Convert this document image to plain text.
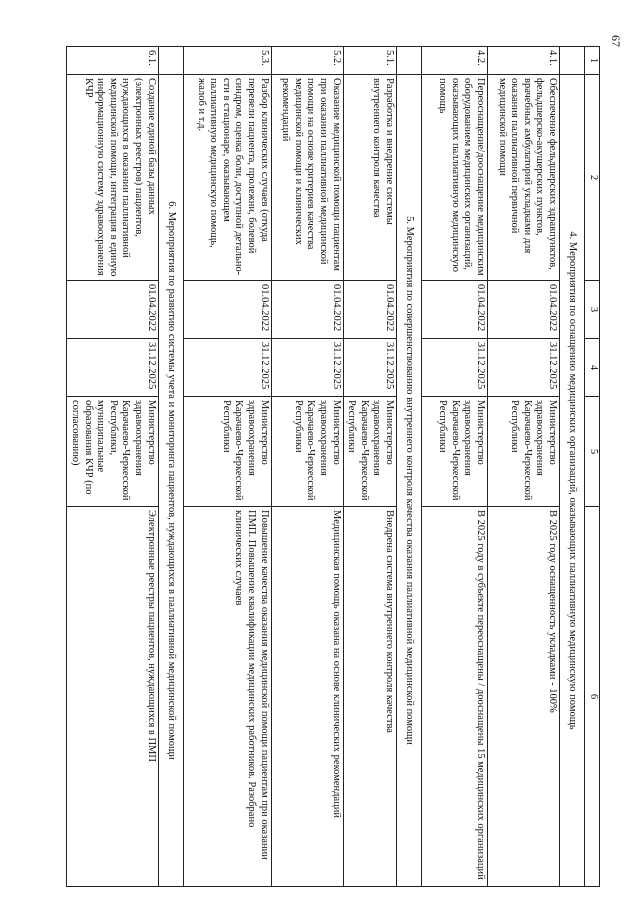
67
1	2	3	4	5	6
	4. Мероприятия по оснащению медицинских организаций, оказывающих паллиативную медицинскую помощь				
4.1.	Обеспечение фельдшерских здравпунктов, фельдшерско-акушерских пунктов, врачебных амбулаторий укладками для оказания паллиативной первичной медицинской помощи	01.04.2022	31.12.2025	Министерство здравоохранения Карачаево-Черкесской Республики	В 2025 году оснащенность укладками - 100%
4.2.	Переоснащение/дооснащение медицинским оборудованием медицинских организаций, оказывающих паллиативную медицинскую помощь	01.04.2022	31.12.2025	Министерство здравоохранения Карачаево-Черкесской Республики	В 2025 году в субъекте переоснащены / дооснащены 15 медицинских организаций
	5. Мероприятия по совершенствованию внутреннего контроля качества оказания паллиативной медицинской помощи				
5.1.	Разработка и внедрение системы внутреннего контроля качества	01.04.2022	31.12.2025	Министерство здравоохранения Карачаево-Черкесской Республики	Внедрена система внутреннего контроля качества
5.2.	Оказание медицинской помощи пациентам при оказании паллиативной медицинской помощи на основе критериев качества медицинской помощи и клинических рекомендаций	01.04.2022	31.12.2025	Министерство здравоохранения Карачаево-Черкесской Республики	Медицинская помощь оказана на основе клинических рекомендаций
5.3.	Разбор клинических случаев (откуда перевели пациента, пролежни, болевой синдром, оценка боли, доступной детально-сти в стационаре, оказывающем паллиативную медицинскую помощь, жалоб и т.д.	01.04.2022	31.12.2025	Министерство здравоохранения Карачаево-Черкесской Республики	Повышение качества оказания медицинской помощи пациентам при оказании ПМП. Повышение квалификации медицинских работников. Разобрано клинических случаев
	6. Мероприятия по развитию системы учета и мониторинга пациентов, нуждающихся в паллиативной медицинской помощи				
6.1.	Создание единой базы данных (электронных реестров) пациентов, нуждающихся в оказании паллиативной медицинской помощи, интеграция в единую информационную систему здравоохранения КЧР	01.04.2022	31.12.2025	Министерство здравоохранения Карачаево-Черкесской Республики, муниципальные образования КЧР (по согласованию)	Электронные реестры пациентов, нуждающихся в ПМП
